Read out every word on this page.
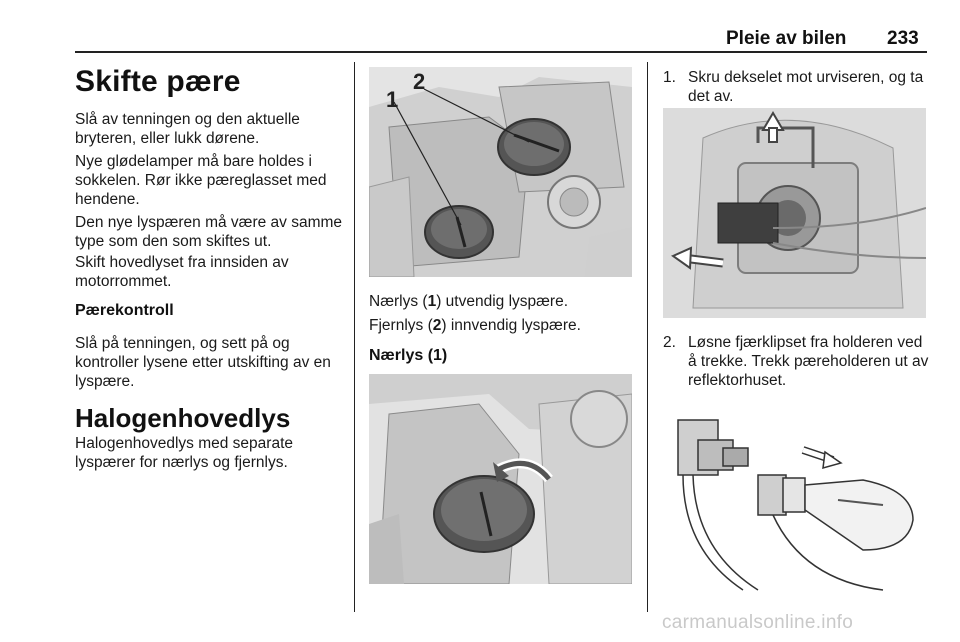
Pleie av bilen 233
Skifte pære

Slå av tenningen og den aktuelle bryteren, eller lukk dørene.

Nye glødelamper må bare holdes i sokkelen. Rør ikke pæreglasset med hendene.

Den nye lyspæren må være av samme type som den som skiftes ut.

Skift hovedlyset fra innsiden av motorrommet.

Pærekontroll

Slå på tenningen, og sett på og kontroller lysene etter utskifting av en lyspære.

Halogenhovedlys

Halogenhovedlys med separate lyspærer for nærlys og fjernlys.

1
2

Nærlys (1) utvendig lyspære.

Fjernlys (2) innvendig lyspære.

Nærlys (1)
1. Skru dekselet mot urviseren, og ta det av.
2. Løsne fjærklipset fra holderen ved å trekke. Trekk pæreholderen ut av reflektorhuset.
carmanualsonline.info
